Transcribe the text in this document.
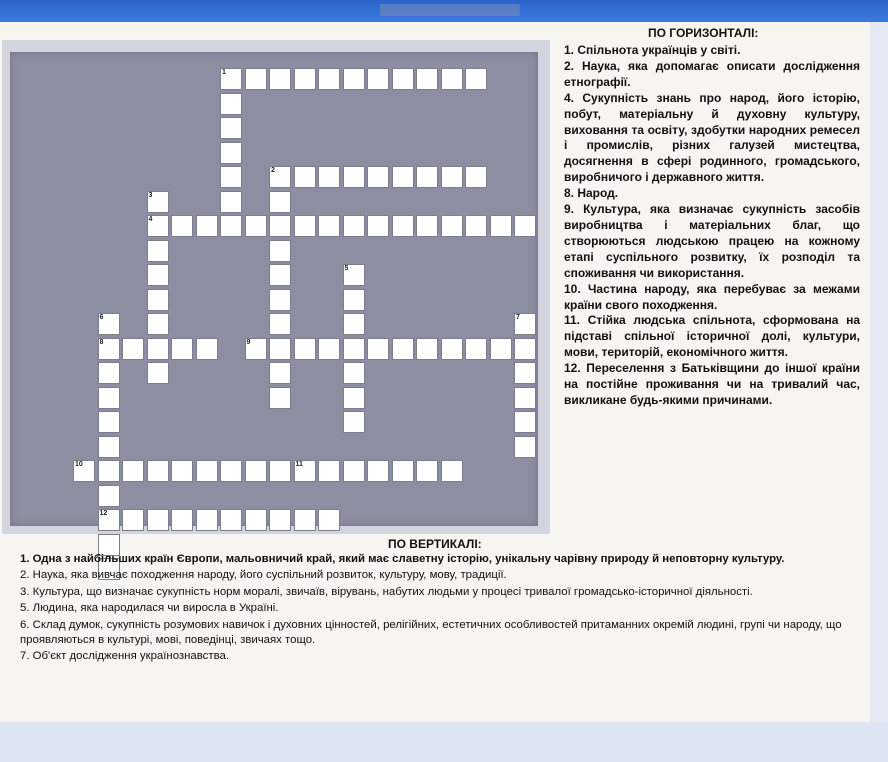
1
2
3
4
5
6
8
12
7
9
10	11
ПО ГОРИЗОНТАЛІ:

1. Спільнота українців у світі.

2. Наука, яка допомагає описати дослідження етнографії.

4. Сукупність знань про народ, його історію, побут, матеріальну й духовну культуру, виховання та освіту, здобутки народних ремесел і промислів, різних галузей мистецтва, досягнення в сфері родинного, громадського, виробничого і державного життя.

8. Народ.

9. Культура, яка визначає сукупність засобів виробництва і матеріальних благ, що створюються людською працею на кожному етапі суспільного розвитку, їх розподіл та споживання чи використання.

10. Частина народу, яка перебуває за межами країни свого походження.

11. Стійка людська спільнота, сформована на підставі спільної історичної долі, культури, мови, територій, економічного життя.

12. Переселення з Батьківщини до іншої країни на постійне проживання чи на тривалий час, викликане будь-якими причинами.

ПО ВЕРТИКАЛІ:

1. Одна з найбільших країн Європи, мальовничий край, який має славетну історію, унікальну чарівну природу й неповторну культуру.

2. Наука, яка вивчає походження народу, його суспільний розвиток, культуру, мову, традиції.

3. Культура, що визначає сукупність норм моралі, звичаїв, вірувань, набутих людьми у процесі тривалої громадсько-історичної діяльності.

5. Людина, яка народилася чи виросла в Україні.

6. Склад думок, сукупність розумових навичок і духовних цінностей, релігійних, естетичних особливостей притаманних окремій людині, групі чи народу, що проявляються в культурі, мові, поведінці, звичаях тощо.

7. Об'єкт дослідження українознавства.
